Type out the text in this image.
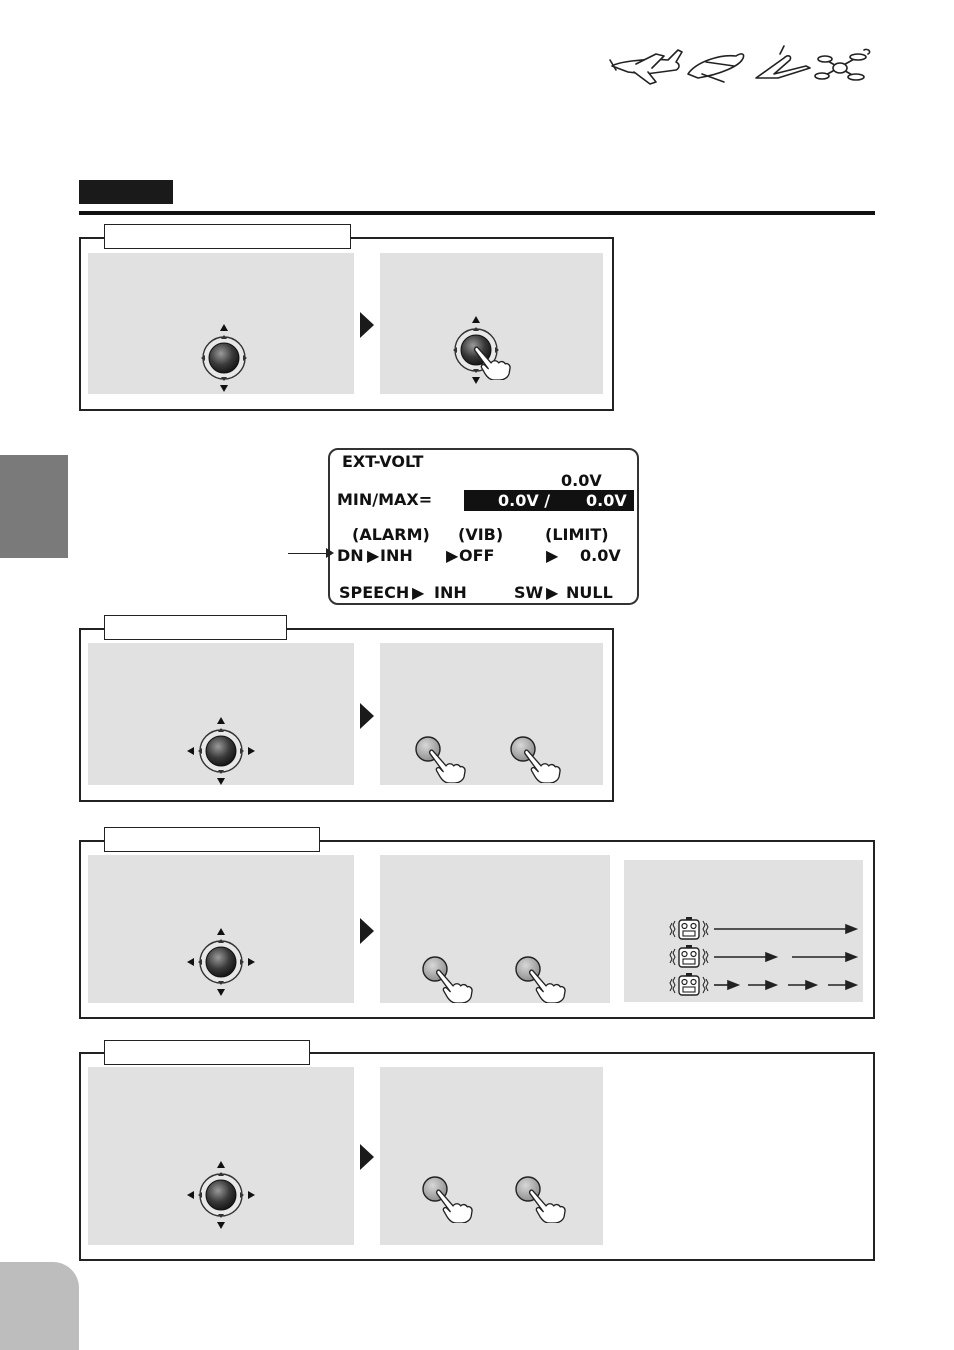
EXT-VOLT
0.0V
MIN/MAX=	0.0V / 0.0V
(ALARM) (VIB)	(LIMIT)
DN ▶ INH ▶ OFF	▶ 0.0V
SPEECH ▶ INH	SW ▶ NULL
